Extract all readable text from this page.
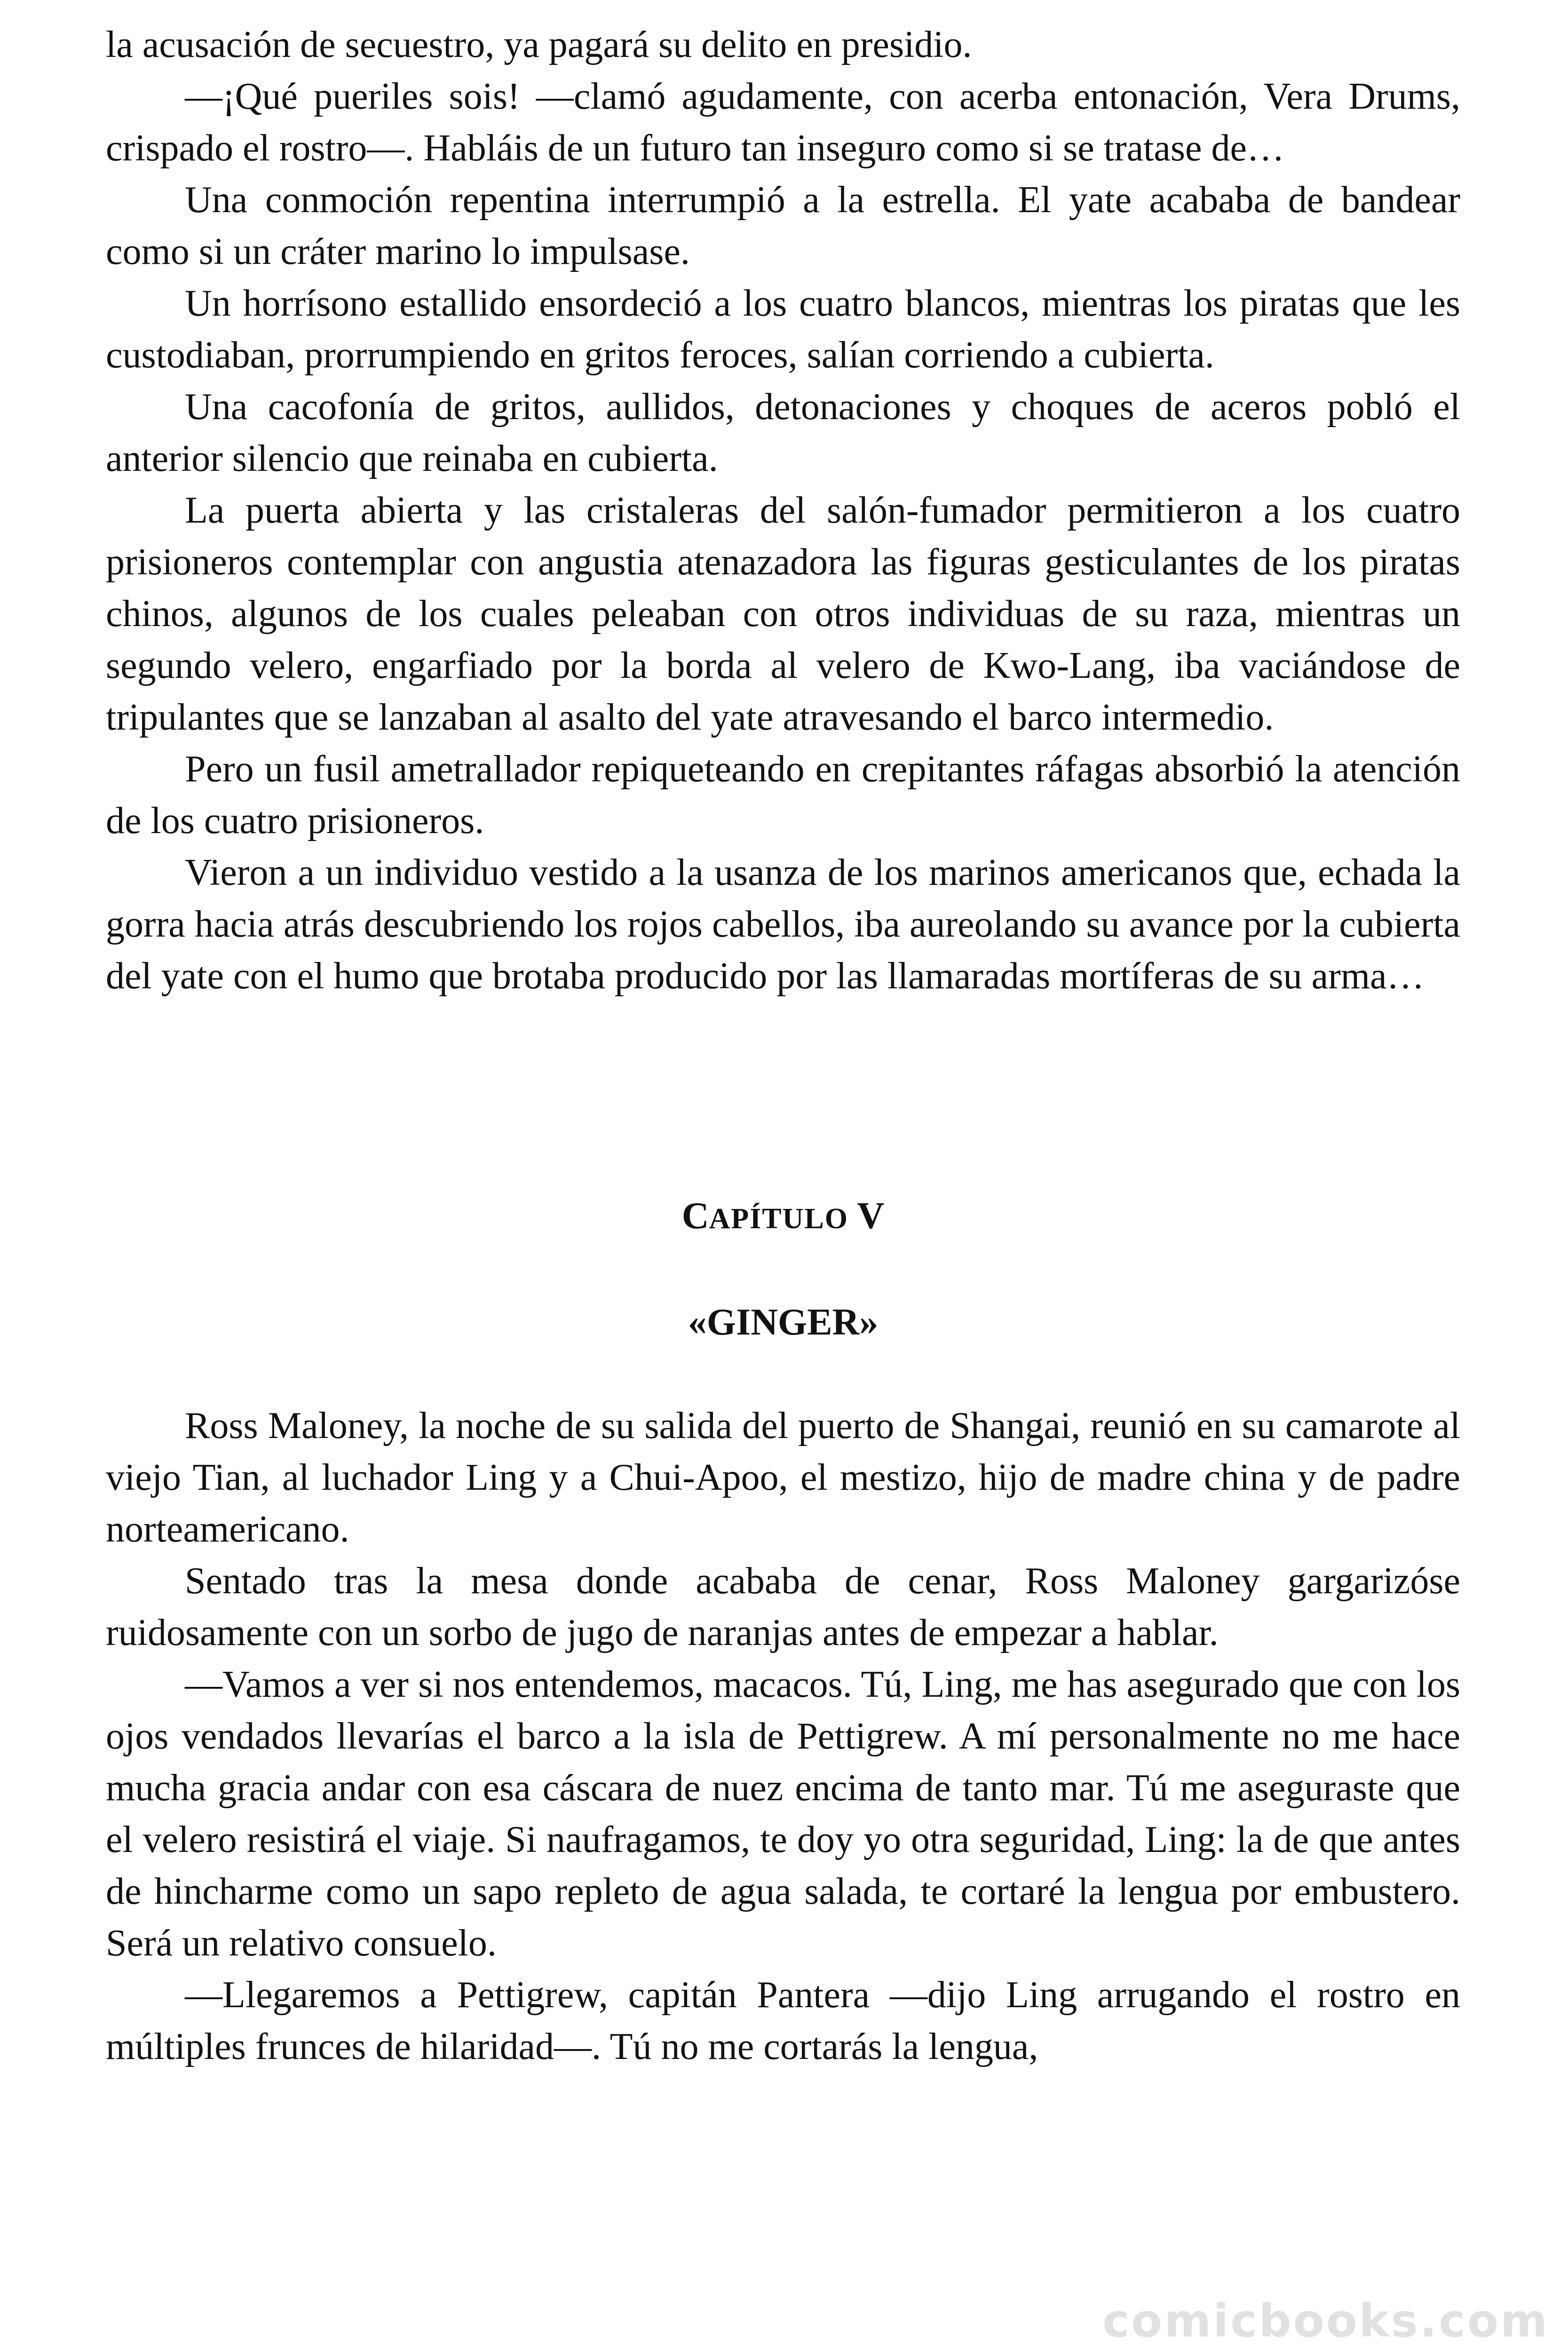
la acusación de secuestro, ya pagará su delito en presidio.

—¡Qué pueriles sois! —clamó agudamente, con acerba entonación, Vera Drums, crispado el rostro—. Habláis de un futuro tan inseguro como si se tratase de…

Una conmoción repentina interrumpió a la estrella. El yate acababa de bandear como si un cráter marino lo impulsase.

Un horrísono estallido ensordeció a los cuatro blancos, mientras los piratas que les custodiaban, prorrumpiendo en gritos feroces, salían corriendo a cubierta.

Una cacofonía de gritos, aullidos, detonaciones y choques de aceros pobló el anterior silencio que reinaba en cubierta.

La puerta abierta y las cristaleras del salón-fumador permitieron a los cuatro prisioneros contemplar con angustia atenazadora las figuras gesticulantes de los piratas chinos, algunos de los cuales peleaban con otros individuas de su raza, mientras un segundo velero, engarfiado por la borda al velero de Kwo-Lang, iba vaciándose de tripulantes que se lanzaban al asalto del yate atravesando el barco intermedio.

Pero un fusil ametrallador repiqueteando en crepitantes ráfagas absorbió la atención de los cuatro prisioneros.

Vieron a un individuo vestido a la usanza de los marinos americanos que, echada la gorra hacia atrás descubriendo los rojos cabellos, iba aureolando su avance por la cubierta del yate con el humo que brotaba producido por las llamaradas mortíferas de su arma…

CAPÍTULO V
«GINGER»

Ross Maloney, la noche de su salida del puerto de Shangai, reunió en su camarote al viejo Tian, al luchador Ling y a Chui-Apoo, el mestizo, hijo de madre china y de padre norteamericano.

Sentado tras la mesa donde acababa de cenar, Ross Maloney gargarizóse ruidosamente con un sorbo de jugo de naranjas antes de empezar a hablar.

—Vamos a ver si nos entendemos, macacos. Tú, Ling, me has asegurado que con los ojos vendados llevarías el barco a la isla de Pettigrew. A mí personalmente no me hace mucha gracia andar con esa cáscara de nuez encima de tanto mar. Tú me aseguraste que el velero resistirá el viaje. Si naufragamos, te doy yo otra seguridad, Ling: la de que antes de hincharme como un sapo repleto de agua salada, te cortaré la lengua por embustero. Será un relativo consuelo.

—Llegaremos a Pettigrew, capitán Pantera —dijo Ling arrugando el rostro en múltiples frunces de hilaridad—. Tú no me cortarás la lengua,

comicbooks.com
